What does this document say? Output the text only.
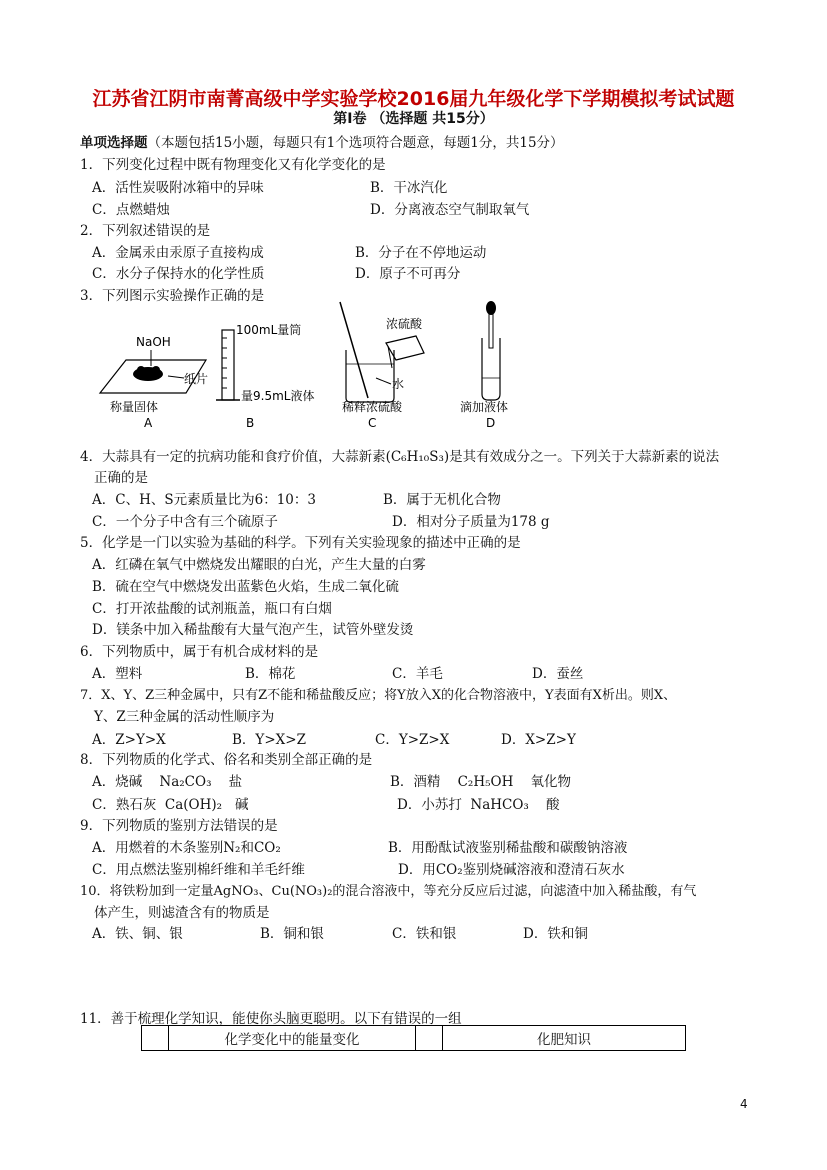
江苏省江阴市南菁高级中学实验学校2016届九年级化学下学期模拟考试试题
第Ⅰ卷 （选择题 共15分）
单项选择题（本题包括15小题，每题只有1个选项符合题意，每题1分，共15分）
1．下列变化过程中既有物理变化又有化学变化的是
A．活性炭吸附冰箱中的异味	B．干冰汽化
C．点燃蜡烛	D．分离液态空气制取氧气
2．下列叙述错误的是
A．金属汞由汞原子直接构成	B．分子在不停地运动
C．水分子保持水的化学性质	D．原子不可再分
3．下列图示实验操作正确的是
NaOH
纸片
称量固体
A
100mL量筒
量9.5mL液体
B
浓硫酸
水
稀释浓硫酸
C
滴加液体
D
4．大蒜具有一定的抗病功能和食疗价值，大蒜新素(C₆H₁₀S₃)是其有效成分之一。下列关于大蒜新素的说法
正确的是
A．C、H、S元素质量比为6：10：3	B．属于无机化合物
C．一个分子中含有三个硫原子	D．相对分子质量为178 g
5．化学是一门以实验为基础的科学。下列有关实验现象的描述中正确的是
A．红磷在氧气中燃烧发出耀眼的白光，产生大量的白雾
B．硫在空气中燃烧发出蓝紫色火焰，生成二氧化硫
C．打开浓盐酸的试剂瓶盖，瓶口有白烟
D．镁条中加入稀盐酸有大量气泡产生，试管外壁发烫
6．下列物质中，属于有机合成材料的是
A．塑料	B．棉花	C．羊毛	D．蚕丝
7．X、Y、Z三种金属中，只有Z不能和稀盐酸反应；将Y放入X的化合物溶液中，Y表面有X析出。则X、
Y、Z三种金属的活动性顺序为
A．Z>Y>X	B．Y>X>Z	C．Y>Z>X	D．X>Z>Y
8．下列物质的化学式、俗名和类别全部正确的是
A．烧碱    Na₂CO₃    盐	B．酒精    C₂H₅OH    氧化物
C．熟石灰  Ca(OH)₂   碱	D．小苏打  NaHCO₃    酸
9．下列物质的鉴别方法错误的是
A．用燃着的木条鉴别N₂和CO₂	B．用酚酞试液鉴别稀盐酸和碳酸钠溶液
C．用点燃法鉴别棉纤维和羊毛纤维	D．用CO₂鉴别烧碱溶液和澄清石灰水
10．将铁粉加到一定量AgNO₃、Cu(NO₃)₂的混合溶液中，等充分反应后过滤，向滤渣中加入稀盐酸，有气
体产生，则滤渣含有的物质是
A．铁、铜、银	B．铜和银	C．铁和银	D．铁和铜
11．善于梳理化学知识，能使你头脑更聪明。以下有错误的一组
	化学变化中的能量变化		化肥知识
4
